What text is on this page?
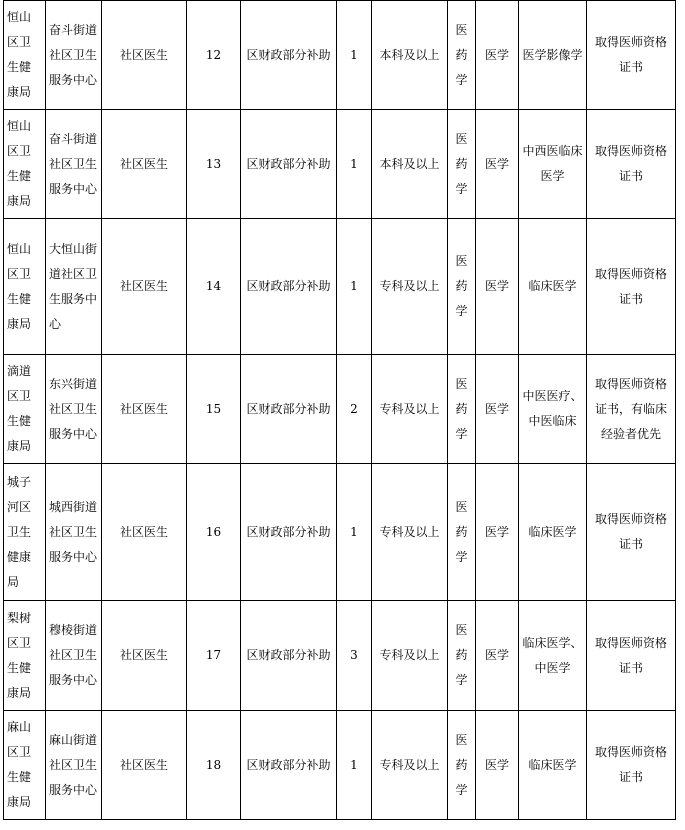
恒山区卫生健康局	奋斗街道社区卫生服务中心	社区医生	12	区财政部分补助	1	本科及以上	医药学	医学	医学影像学	取得医师资格证书
恒山区卫生健康局	奋斗街道社区卫生服务中心	社区医生	13	区财政部分补助	1	本科及以上	医药学	医学	中西医临床医学	取得医师资格证书
恒山区卫生健康局	大恒山街道社区卫生服务中心	社区医生	14	区财政部分补助	1	专科及以上	医药学	医学	临床医学	取得医师资格证书
滴道区卫生健康局	东兴街道社区卫生服务中心	社区医生	15	区财政部分补助	2	专科及以上	医药学	医学	中医医疗、中医临床	取得医师资格证书，有临床经验者优先
城子河区卫生健康局	城西街道社区卫生服务中心	社区医生	16	区财政部分补助	1	专科及以上	医药学	医学	临床医学	取得医师资格证书
梨树区卫生健康局	穆棱街道社区卫生服务中心	社区医生	17	区财政部分补助	3	专科及以上	医药学	医学	临床医学、中医学	取得医师资格证书
麻山区卫生健康局	麻山街道社区卫生服务中心	社区医生	18	区财政部分补助	1	专科及以上	医药学	医学	临床医学	取得医师资格证书
